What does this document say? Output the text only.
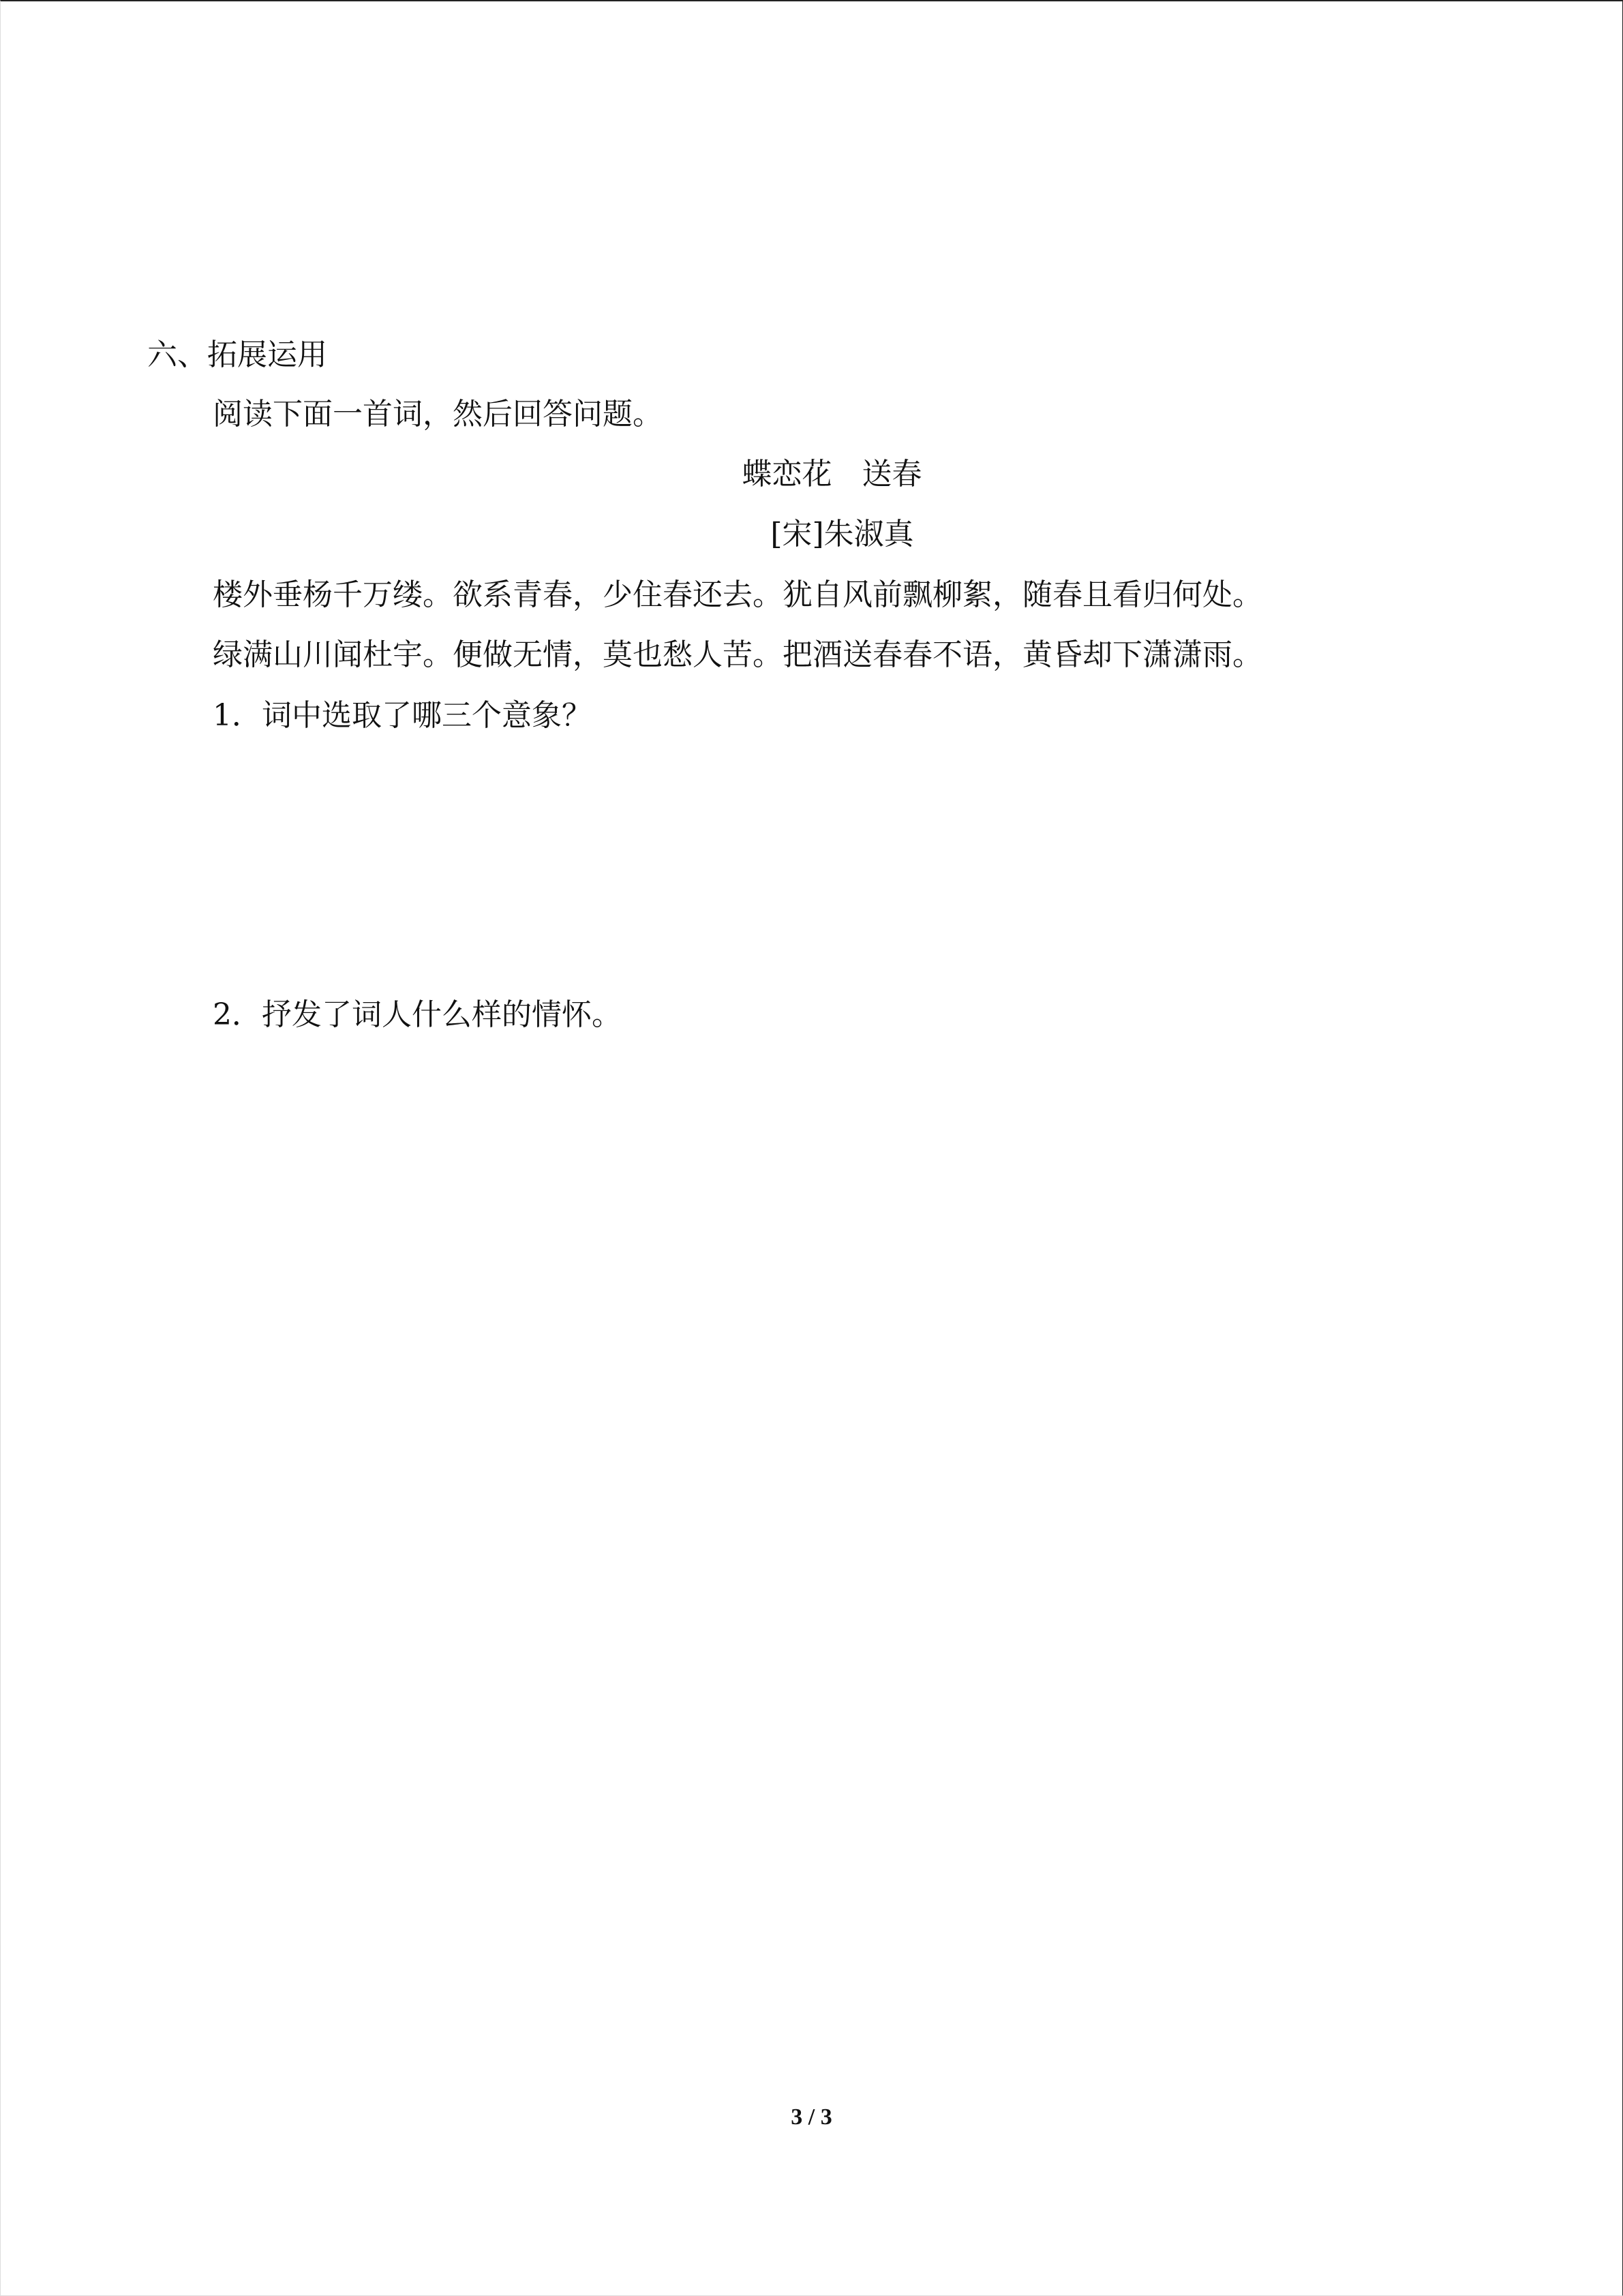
六、拓展运用
阅读下面一首词，然后回答问题。
蝶恋花　送春
[宋]朱淑真
楼外垂杨千万缕。欲系青春，少住春还去。犹自风前飘柳絮，随春且看归何处。
绿满山川闻杜宇。便做无情，莫也愁人苦。把酒送春春不语，黄昏却下潇潇雨。
1．词中选取了哪三个意象？
2．抒发了词人什么样的情怀。
3 / 3
